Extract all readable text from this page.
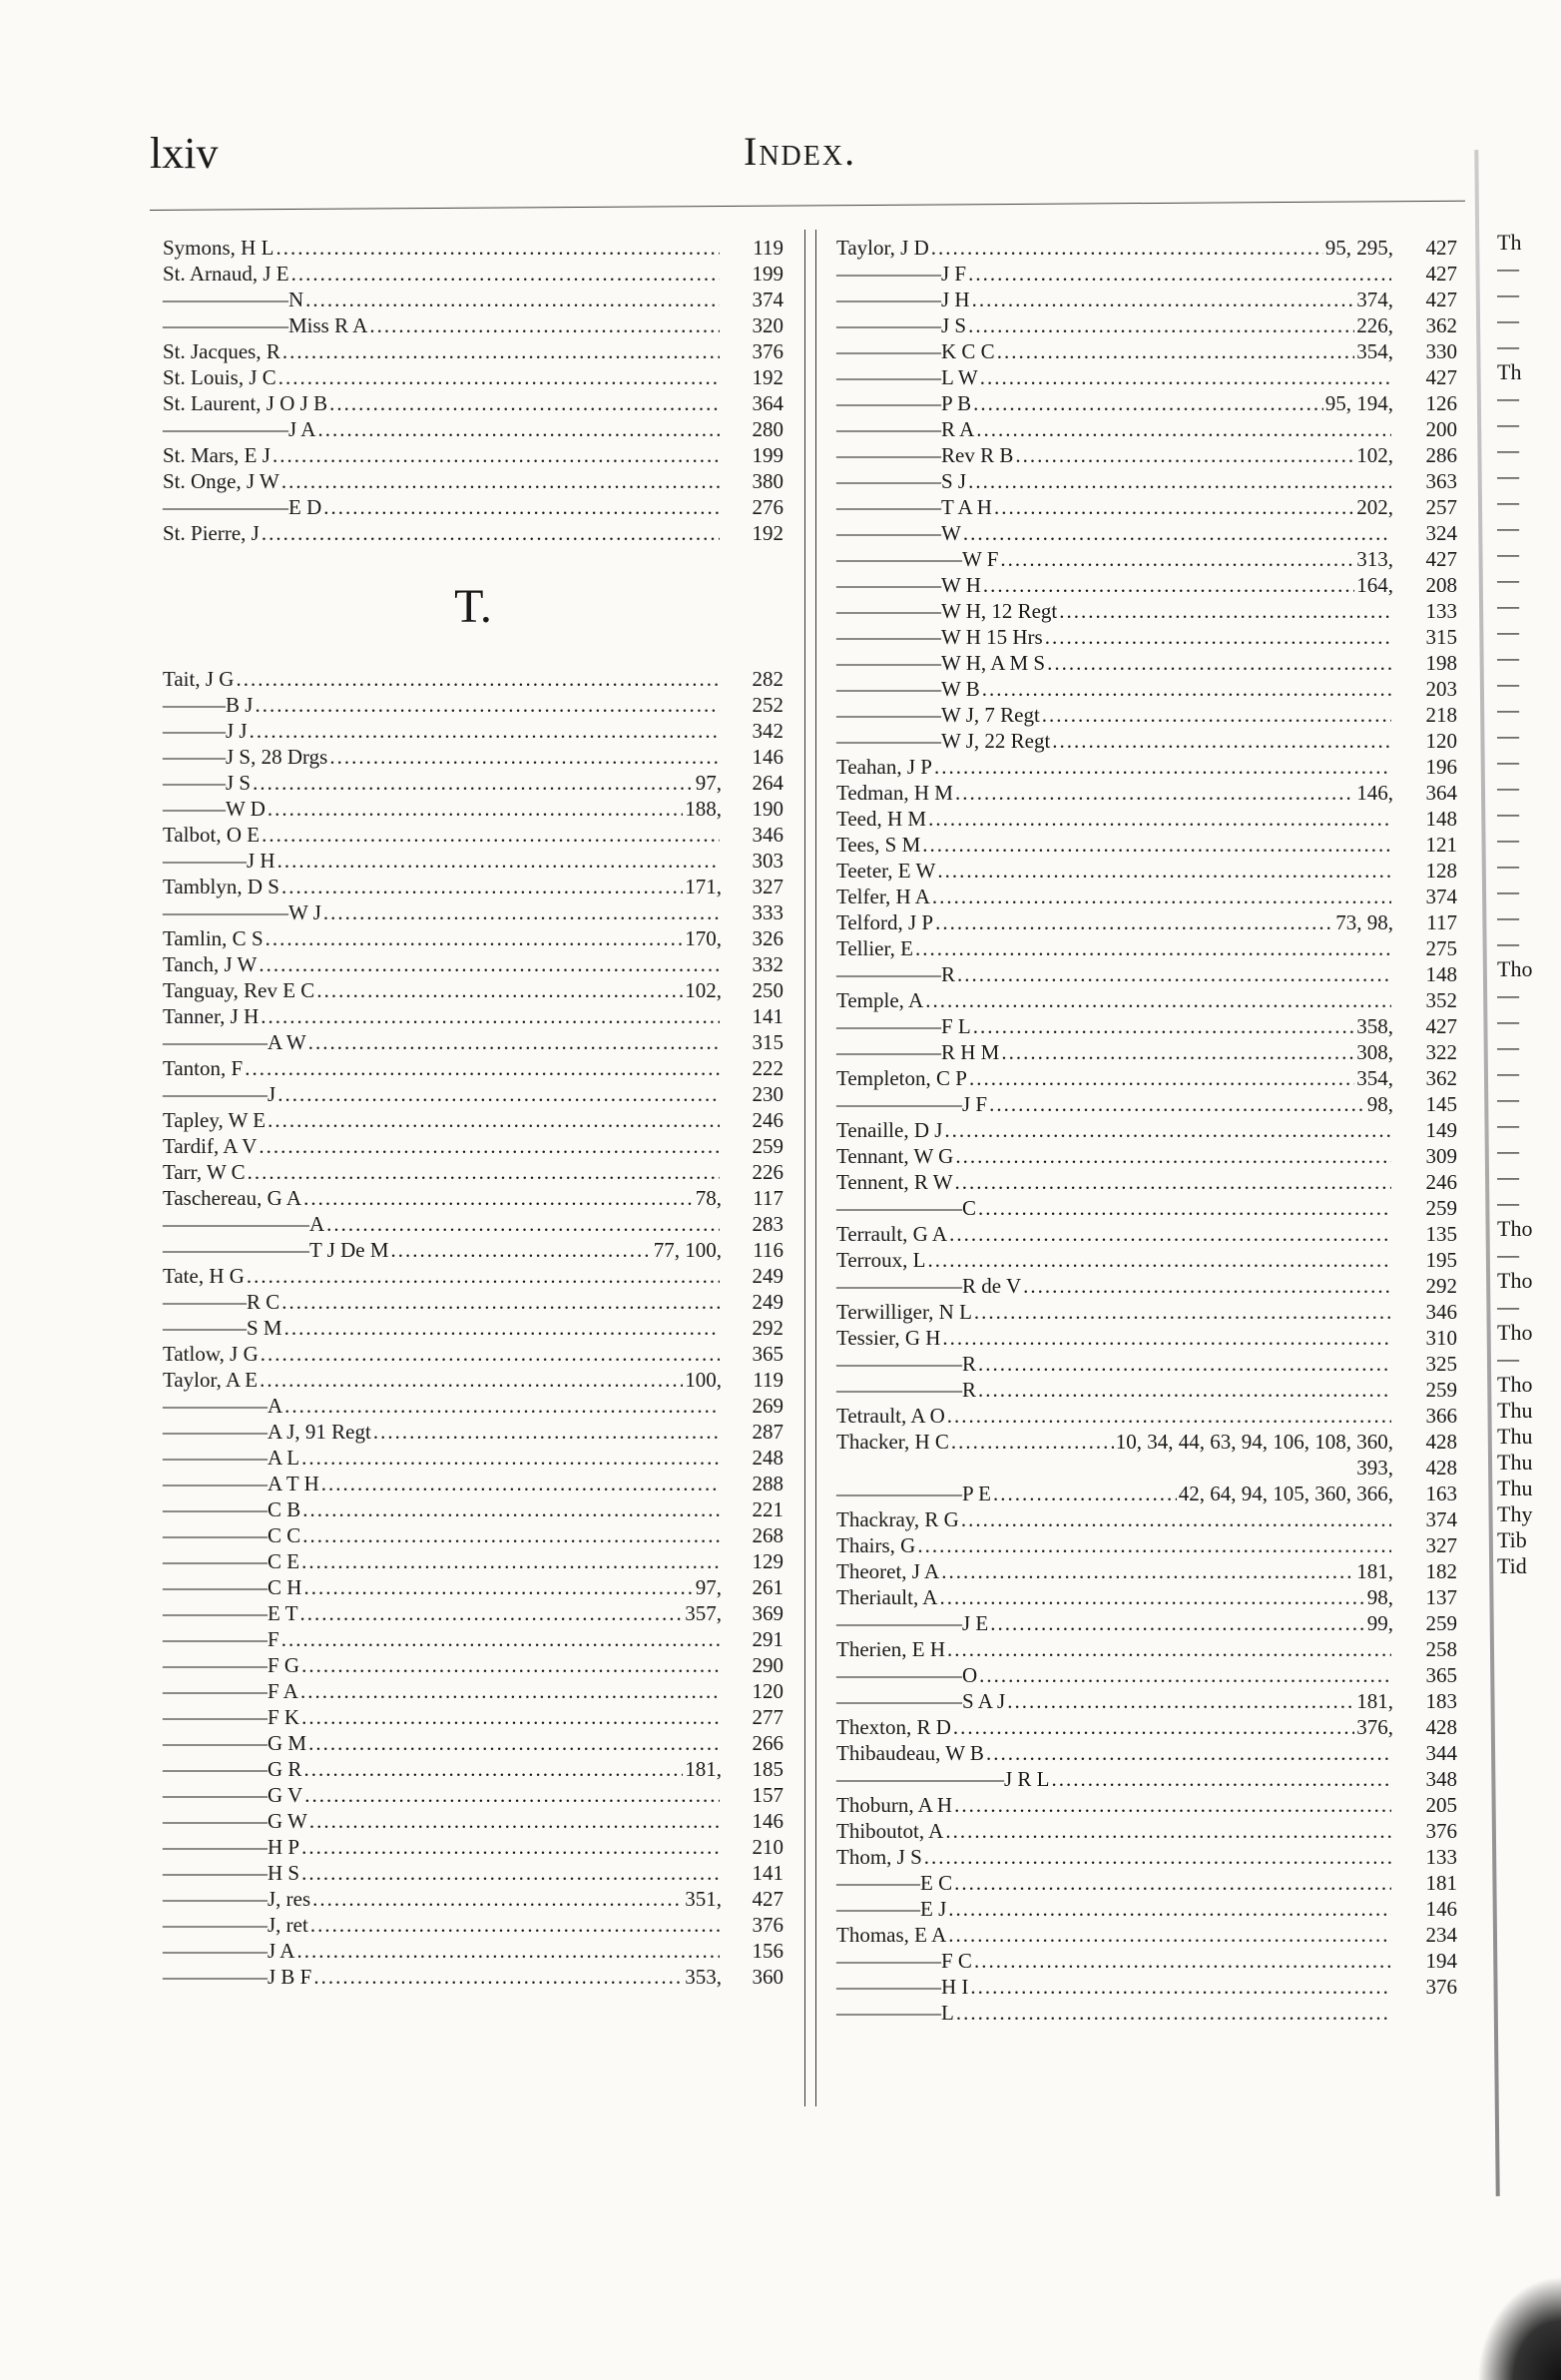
lxiv	Index.
Symons, H L .....	119
St. Arnaud, J E .....	199
——————N .....	374
——————Miss R A .....	320
St. Jacques, R .....	376
St. Louis, J C .....	192
St. Laurent, J O J B .....	364
——————J A .....	280
St. Mars, E J .....	199
St. Onge, J W .....	380
——————E D .....	276
St. Pierre, J .....	192
T.
Tait, J G .....	282
———B J .....	252
———J J .....	342
———J S, 28 Drgs .....	146
———J S .....	97,	264
———W D .....	188,	190
Talbot, O E .....	346
————J H .....	303
Tamblyn, D S .....	171,	327
——————W J .....	333
Tamlin, C S .....	170,	326
Tanch, J W .....	332
Tanguay, Rev E C .....	102,	250
Tanner, J H .....	141
—————A W .....	315
Tanton, F .....	222
—————J .....	230
Tapley, W E .....	246
Tardif, A V .....	259
Tarr, W C .....	226
Taschereau, G A .....	78,	117
———————A .....	283
———————T J De M .....	77, 100,	116
Tate, H G .....	249
————R C .....	249
————S M .....	292
Tatlow, J G .....	365
Taylor, A E .....	100,	119
—————A .....	269
—————A J, 91 Regt .....	287
—————A L .....	248
—————A T H .....	288
—————C B .....	221
—————C C .....	268
—————C E .....	129
—————C H .....	97,	261
—————E T .....	357,	369
—————F .....	291
—————F G .....	290
—————F A .....	120
—————F K .....	277
—————G M .....	266
—————G R .....	181,	185
—————G V .....	157
—————G W .....	146
—————H P .....	210
—————H S .....	141
—————J, res .....	351,	427
—————J, ret .....	376
—————J A .....	156
—————J B F .....	353,	360
Taylor, J D .....	95, 295,	427
—————J F .....	427
—————J H .....	374,	427
—————J S .....	226,	362
—————K C C .....	354,	330
—————L W .....	427
—————P B .....	95, 194,	126
—————R A .....	200
—————Rev R B .....	102,	286
—————S J .....	363
—————T A H .....	202,	257
—————W .....	324
——————W F .....	313,	427
—————W H .....	164,	208
—————W H, 12 Regt .....	133
—————W H 15 Hrs .....	315
—————W H, A M S .....	198
—————W B .....	203
—————W J, 7 Regt .....	218
—————W J, 22 Regt .....	120
Teahan, J P .....	196
Tedman, H M .....	146,	364
Teed, H M .....	148
Tees, S M .....	121
Teeter, E W .....	128
Telfer, H A .....	374
Telford, J P .....	73, 98,	117
Tellier, E .....	275
—————R .....	148
Temple, A .....	352
—————F L .....	358,	427
—————R H M .....	308,	322
Templeton, C P .....	354,	362
——————J F .....	98,	145
Tenaille, D J .....	149
Tennant, W G .....	309
Tennent, R W .....	246
——————C .....	259
Terrault, G A .....	135
Terroux, L .....	195
——————R de V .....	292
Terwilliger, N L .....	346
Tessier, G H .....	310
——————R .....	325
——————R .....	259
Tetrault, A O .....	366
Thacker, H C .....	10, 34, 44, 63, 94, 106, 108, 360,	428
393,	428
——————P E .....	42, 64, 94, 105, 360, 366,	163
Thackray, R G .....	374
Thairs, G .....	327
Theoret, J A .....	181,	182
Theriault, A .....	98,	137
——————J E .....	99,	259
Therien, E H .....	258
——————O .....	365
——————S A J .....	181,	183
Thexton, R D .....	376,	428
Thibaudeau, W B .....	344
————————J R L .....	348
Thoburn, A H .....	205
Thiboutot, A .....	376
Thom, J S .....	133
————E C .....	181
————E J .....	146
Thomas, E A .....	234
—————F C .....	194
—————H I .....	376
—————L
.....
Th
—
—
—
—
Th
—
—
—
—
—
—
—
—
—
—
—
—
—
—
—
—
—
—
—
—
—
—
Tho
—
—
—
—
—
—
—
—
—
Tho
—
Tho
—
Tho
—
Tho
Thu
Thu
Thu
Thu
Thy
Tib
Tid
